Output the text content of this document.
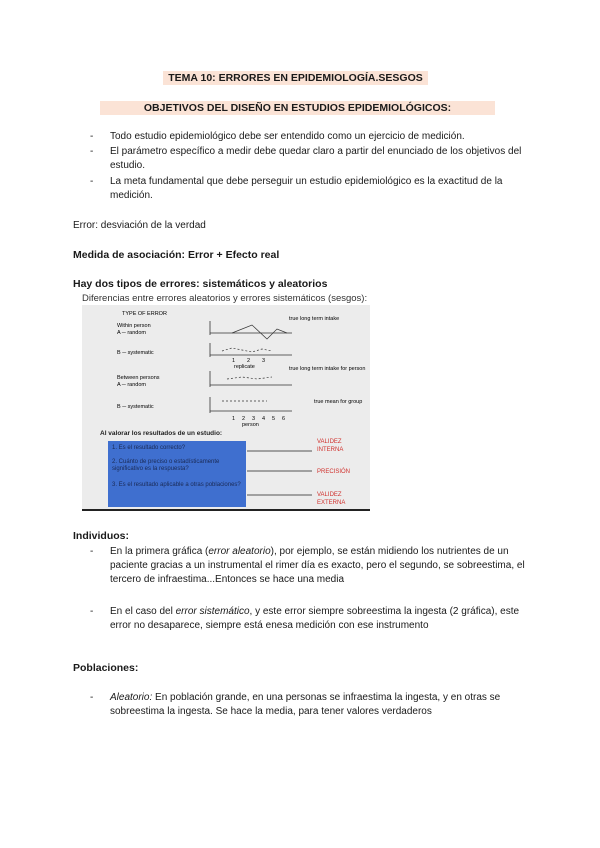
TEMA 10: ERRORES EN EPIDEMIOLOGÍA.SESGOS
OBJETIVOS DEL DISEÑO EN ESTUDIOS EPIDEMIOLÓGICOS:
- Todo estudio epidemiológico debe ser entendido como un ejercicio de medición.
- El parámetro específico a medir debe quedar claro a partir del enunciado de los objetivos del estudio.
- La meta fundamental que debe perseguir un estudio epidemiológico es la exactitud de la medición.
Error: desviación de la verdad
Medida de asociación: Error + Efecto real
Hay dos tipos de errores: sistemáticos y aleatorios
Diferencias entre errores aleatorios y errores sistemáticos (sesgos):
TYPE OF ERROR
Within person
A ─ random
B ─ systematic
Between persons
A ─ random
B ─ systematic
true long term intake
1 2 3
replicate	true long term intake for person
true mean for group
1 2 3 4 5 6
person
Al valorar los resultados de un estudio:
1. Es el resultado correcto?
2. Cuánto de preciso o estadísticamente significativo es la respuesta?
3. Es el resultado aplicable a otras poblaciones?
VALIDEZ INTERNA
PRECISIÓN
VALIDEZ EXTERNA
Individuos:
- En la primera gráfica (error aleatorio), por ejemplo, se están midiendo los nutrientes de un paciente gracias a un instrumental el rimer día es exacto, pero el segundo, se sobreestima, el tercero de infraestima...Entonces se hace una media
- En el caso del error sistemático, y este error siempre sobreestima la ingesta (2 gráfica), este error no desaparece, siempre está enesa medición con ese instrumento
Poblaciones:
- Aleatorio: En población grande, en una personas se infraestima la ingesta, y en otras se sobreestima la ingesta. Se hace la media, para tener valores verdaderos
